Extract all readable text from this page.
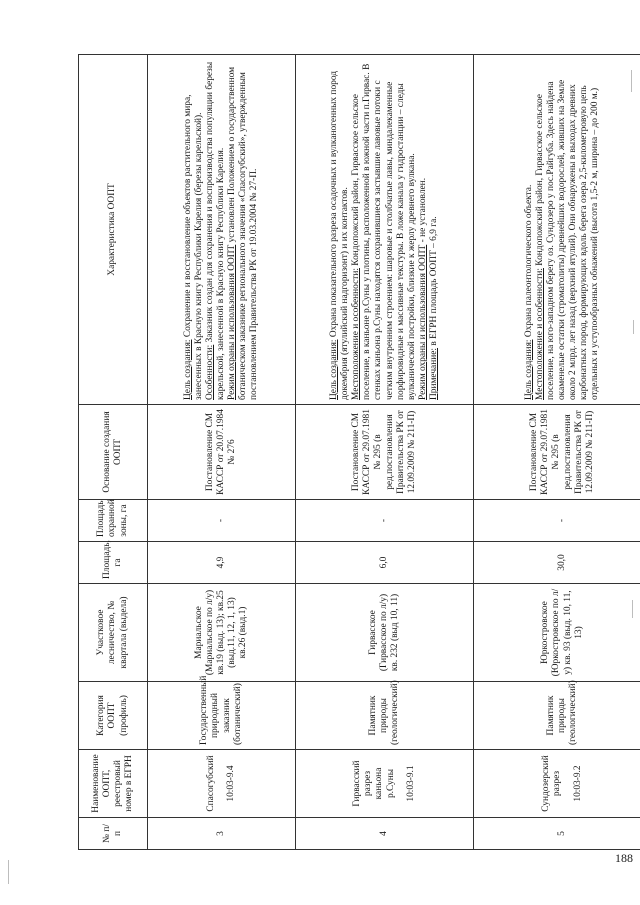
№ п/п	Наименование ООПТ, реестровый номер в ЕГРН	Категория ООПТ (профиль)	Участковое лесничество, № квартала (выдела)	Площадь, га	Площадь охранной зоны, га	Основание создания ООПТ	Характеристика ООПТ
3	Спасогубский 10:03-9.4	Государственный природный заказник (ботанический)	Мариальское (Мариальское по л/у) кв.19 (выд. 13); кв.25 (выд.11, 12, 1, 13) кв.26 (выд.1)	4,9	-	Постановление СМ КАССР от 20.07.1984 № 276	Цель создания: Сохранение и восстановление объектов растительного мира, занесенных в Красную книгу Республики Карелия (березы карельской).
Особенности: Заказник создан для сохранения и воспроизводства популяции березы карельской, занесенной в Красную книгу Республики Карелия.
Режим охраны и использования ООПТ установлен Положением о государственном ботаническом заказнике регионального значения «Спасогубский», утвержденным постановлением Правительства РК от 19.03.2004 № 27-П.
4	Гирвасский разрез каньона р.Суны 10:03-9.1	Памятник природы (геологический)	Гирвасское (Гирвасское по л/у) кв. 232 (выд 10, 11)	6,0	-	Постановление СМ КАССР от 29.07.1981 № 295 (в ред.постановления Правительства РК от 12.09.2009 № 211-П)	Цель создания: Охрана показательного разреза осадочных и вулканогенных пород докембрия (ятулийский надгоризонт) и их контактов.
Местоположение и особенности: Кондопожский район, Гирвасское сельское поселение, в каньоне р.Суны у плотины, расположенной в южной части п.Гирвас. В стенках каньона р.Суны находятся сохранившиеся застывшие лавовые потоки с четким внутренним строением: шаровые и столбчатые лавы, миндалекаменные порфировидные и массивные текстуры. В ложе канала у гидростанции – следы вулканической постройки, близкие к жерлу древнего вулкана.
Режим охраны и использования ООПТ - не установлен.
Примечание: в ЕГРН площадь ООПТ – 6,9 га.
5	Сундозерский разрез 10:03-9.2	Памятник природы (геологический)	Юркостровское (Юркостровское по л/у) кв. 93 (выд. 10, 11, 13)	30,0	-	Постановление СМ КАССР от 29.07.1981 № 295 (в ред.постановления Правительства РК от 12.09.2009 № 211-П)	Цель создания: Охрана палеонтологического объекта.
Местоположение и особенности: Кондопожский район, Гирвасское сельское поселение, на юго-западном берегу оз. Сундозеро у пос.Райгуба. Здесь найдена окаменелые остатки (строматолиты) древнейших водорослей, живших на Земле около 2 млрд. лет назад (верхний ятулий). Они обнаружены в выходах древних карбонатных пород, формирующих вдоль берега озера 2,5-километровую цепь отдельных и уступообразных обнажений (высота 1,5-2 м, ширина – до 200 м.)
188
